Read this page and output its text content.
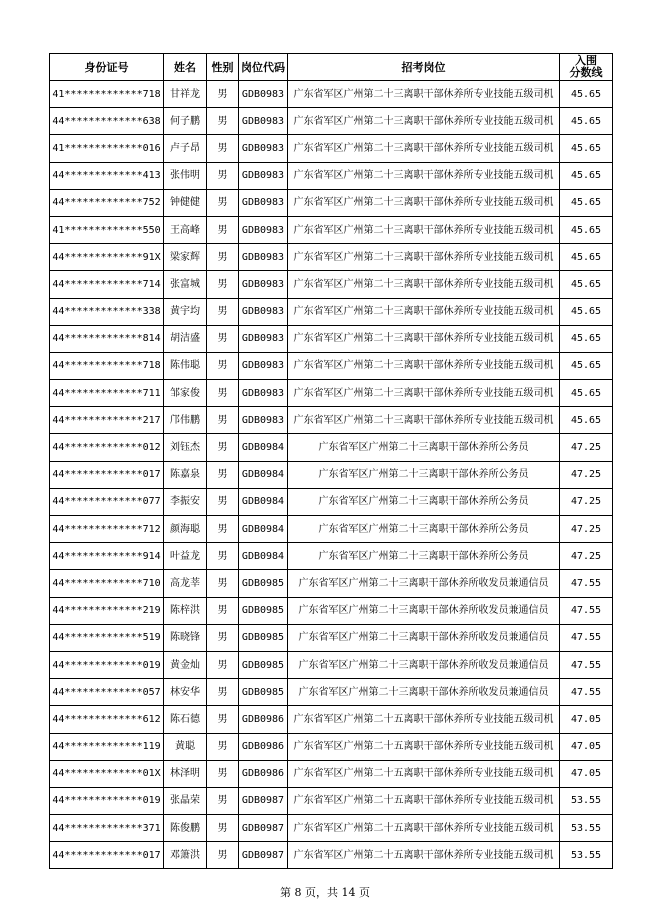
身份证号	姓名	性别	岗位代码	招考岗位	入围
分数线

41*************718	甘祥龙	男	GDB0983	广东省军区广州第二十三离职干部休养所专业技能五级司机	45.65
44*************638	何子鹏	男	GDB0983	广东省军区广州第二十三离职干部休养所专业技能五级司机	45.65
41*************016	卢子昂	男	GDB0983	广东省军区广州第二十三离职干部休养所专业技能五级司机	45.65
44*************413	张伟明	男	GDB0983	广东省军区广州第二十三离职干部休养所专业技能五级司机	45.65
44*************752	钟健健	男	GDB0983	广东省军区广州第二十三离职干部休养所专业技能五级司机	45.65
41*************550	王高峰	男	GDB0983	广东省军区广州第二十三离职干部休养所专业技能五级司机	45.65
44*************91X	梁家辉	男	GDB0983	广东省军区广州第二十三离职干部休养所专业技能五级司机	45.65
44*************714	张富城	男	GDB0983	广东省军区广州第二十三离职干部休养所专业技能五级司机	45.65
44*************338	黄宇均	男	GDB0983	广东省军区广州第二十三离职干部休养所专业技能五级司机	45.65
44*************814	胡洁盛	男	GDB0983	广东省军区广州第二十三离职干部休养所专业技能五级司机	45.65
44*************718	陈伟聪	男	GDB0983	广东省军区广州第二十三离职干部休养所专业技能五级司机	45.65
44*************711	邹家俊	男	GDB0983	广东省军区广州第二十三离职干部休养所专业技能五级司机	45.65
44*************217	邝伟鹏	男	GDB0983	广东省军区广州第二十三离职干部休养所专业技能五级司机	45.65
44*************012	刘钰杰	男	GDB0984	广东省军区广州第二十三离职干部休养所公务员	47.25
44*************017	陈嘉泉	男	GDB0984	广东省军区广州第二十三离职干部休养所公务员	47.25
44*************077	李振安	男	GDB0984	广东省军区广州第二十三离职干部休养所公务员	47.25
44*************712	颜海聪	男	GDB0984	广东省军区广州第二十三离职干部休养所公务员	47.25
44*************914	叶益龙	男	GDB0984	广东省军区广州第二十三离职干部休养所公务员	47.25
44*************710	高龙莘	男	GDB0985	广东省军区广州第二十三离职干部休养所收发员兼通信员	47.55
44*************219	陈梓洪	男	GDB0985	广东省军区广州第二十三离职干部休养所收发员兼通信员	47.55
44*************519	陈晓锋	男	GDB0985	广东省军区广州第二十三离职干部休养所收发员兼通信员	47.55
44*************019	黄金灿	男	GDB0985	广东省军区广州第二十三离职干部休养所收发员兼通信员	47.55
44*************057	林安华	男	GDB0985	广东省军区广州第二十三离职干部休养所收发员兼通信员	47.55
44*************612	陈石德	男	GDB0986	广东省军区广州第二十五离职干部休养所专业技能五级司机	47.05
44*************119	黄聪	男	GDB0986	广东省军区广州第二十五离职干部休养所专业技能五级司机	47.05
44*************01X	林泽明	男	GDB0986	广东省军区广州第二十五离职干部休养所专业技能五级司机	47.05
44*************019	张晶荣	男	GDB0987	广东省军区广州第二十五离职干部休养所专业技能五级司机	53.55
44*************371	陈俊鹏	男	GDB0987	广东省军区广州第二十五离职干部休养所专业技能五级司机	53.55
44*************017	邓箫洪	男	GDB0987	广东省军区广州第二十五离职干部休养所专业技能五级司机	53.55
第 8 页，共 14 页
